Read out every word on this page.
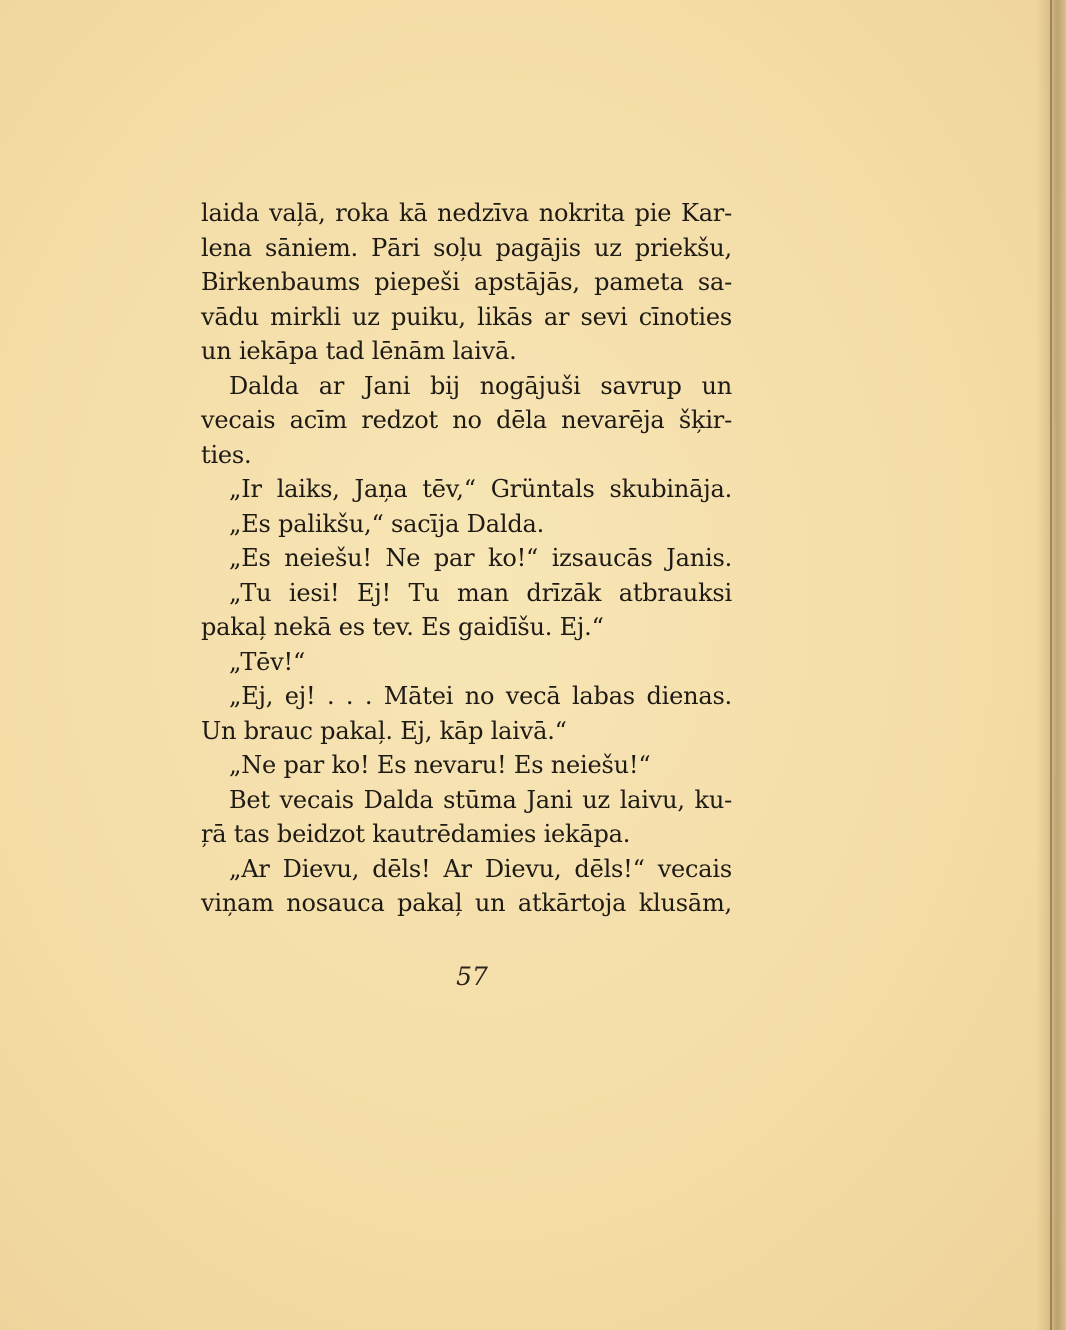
laida vaļā, roka kā nedzīva nokrita pie Kar-
lena sāniem. Pāri soļu pagājis uz priekšu,
Birkenbaums piepeši apstājās, pameta sa-
vādu mirkli uz puiku, likās ar sevi cīnoties
un iekāpa tad lēnām laivā.
Dalda ar Jani bij nogājuši savrup un
vecais acīm redzot no dēla nevarēja šķir-
ties.
„Ir laiks, Jaņa tēv,“ Grüntals skubināja.
„Es palikšu,“ sacīja Dalda.
„Es neiešu! Ne par ko!“ izsaucās Janis.
„Tu iesi! Ej! Tu man drīzāk atbrauksi
pakaļ nekā es tev. Es gaidīšu. Ej.“
„Tēv!“
„Ej, ej! . . . Mātei no vecā labas dienas.
Un brauc pakaļ. Ej, kāp laivā.“
„Ne par ko! Es nevaru! Es neiešu!“
Bet vecais Dalda stūma Jani uz laivu, ku-
ŗā tas beidzot kautrēdamies iekāpa.
„Ar Dievu, dēls! Ar Dievu, dēls!“ vecais
viņam nosauca pakaļ un atkārtoja klusām,
57
